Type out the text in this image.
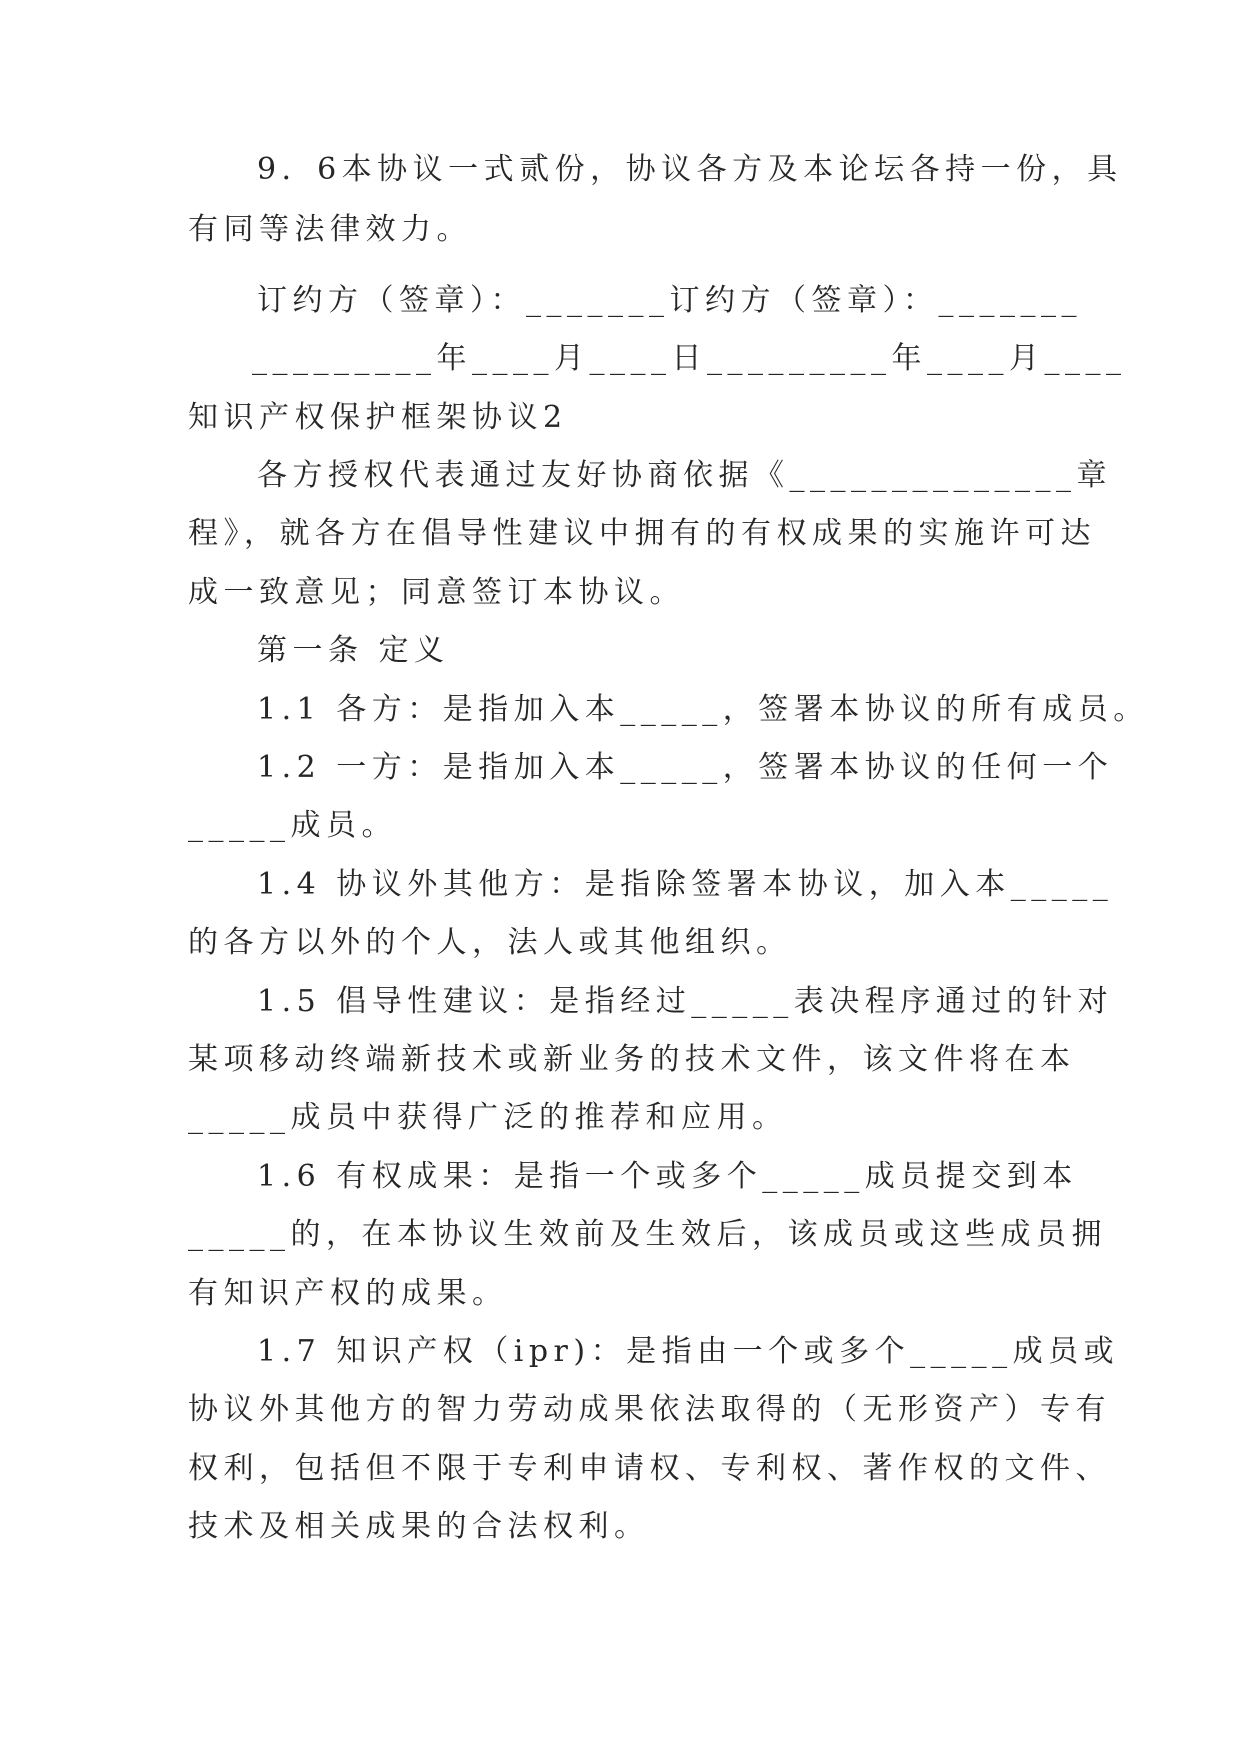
9．6本协议一式贰份，协议各方及本论坛各持一份，具
有同等法律效力。
订约方（签章）：_______订约方（签章）：_______
_________年____月____日_________年____月____
知识产权保护框架协议2
各方授权代表通过友好协商依据《______________章
程》，就各方在倡导性建议中拥有的有权成果的实施许可达
成一致意见；同意签订本协议。
第一条 定义
1.1 各方：是指加入本_____，签署本协议的所有成员。
1.2 一方：是指加入本_____，签署本协议的任何一个
_____成员。
1.4 协议外其他方：是指除签署本协议，加入本_____
的各方以外的个人，法人或其他组织。
1.5 倡导性建议：是指经过_____表决程序通过的针对
某项移动终端新技术或新业务的技术文件，该文件将在本
_____成员中获得广泛的推荐和应用。
1.6 有权成果：是指一个或多个_____成员提交到本
_____的，在本协议生效前及生效后，该成员或这些成员拥
有知识产权的成果。
1.7 知识产权（ipr)：是指由一个或多个_____成员或
协议外其他方的智力劳动成果依法取得的（无形资产）专有
权利，包括但不限于专利申请权、专利权、著作权的文件、
技术及相关成果的合法权利。
